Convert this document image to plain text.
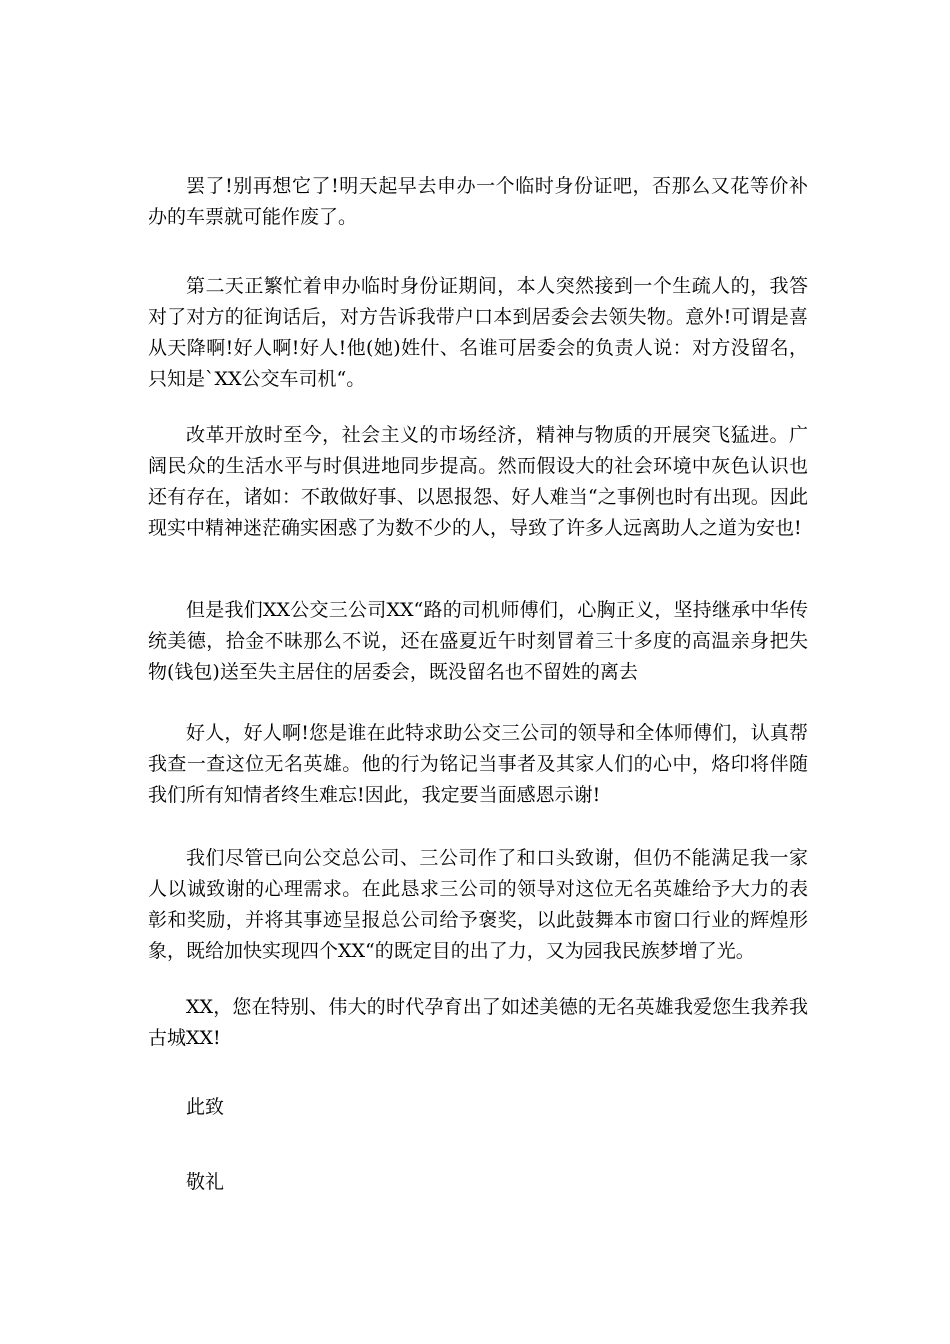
罢了!别再想它了!明天起早去申办一个临时身份证吧，否那么又花等价补办的车票就可能作废了。

第二天正繁忙着申办临时身份证期间，本人突然接到一个生疏人的，我答对了对方的征询话后，对方告诉我带户口本到居委会去领失物。意外!可谓是喜从天降啊!好人啊!好人!他(她)姓什、名谁可居委会的负责人说：对方没留名，只知是`XX公交车司机“。

改革开放时至今，社会主义的市场经济，精神与物质的开展突飞猛进。广阔民众的生活水平与时俱进地同步提高。然而假设大的社会环境中灰色认识也还有存在，诸如：不敢做好事、以恩报怨、好人难当“之事例也时有出现。因此现实中精神迷茫确实困惑了为数不少的人，导致了许多人远离助人之道为安也!

但是我们XX公交三公司XX“路的司机师傅们，心胸正义，坚持继承中华传统美德，拾金不昧那么不说，还在盛夏近午时刻冒着三十多度的高温亲身把失物(钱包)送至失主居住的居委会，既没留名也不留姓的离去

好人，好人啊!您是谁在此特求助公交三公司的领导和全体师傅们，认真帮我查一查这位无名英雄。他的行为铭记当事者及其家人们的心中，烙印将伴随我们所有知情者终生难忘!因此，我定要当面感恩示谢!

我们尽管已向公交总公司、三公司作了和口头致谢，但仍不能满足我一家人以诚致谢的心理需求。在此恳求三公司的领导对这位无名英雄给予大力的表彰和奖励，并将其事迹呈报总公司给予褒奖，以此鼓舞本市窗口行业的辉煌形象，既给加快实现四个XX“的既定目的出了力，又为园我民族梦增了光。

XX，您在特别、伟大的时代孕育出了如述美德的无名英雄我爱您生我养我古城XX!

此致

敬礼
